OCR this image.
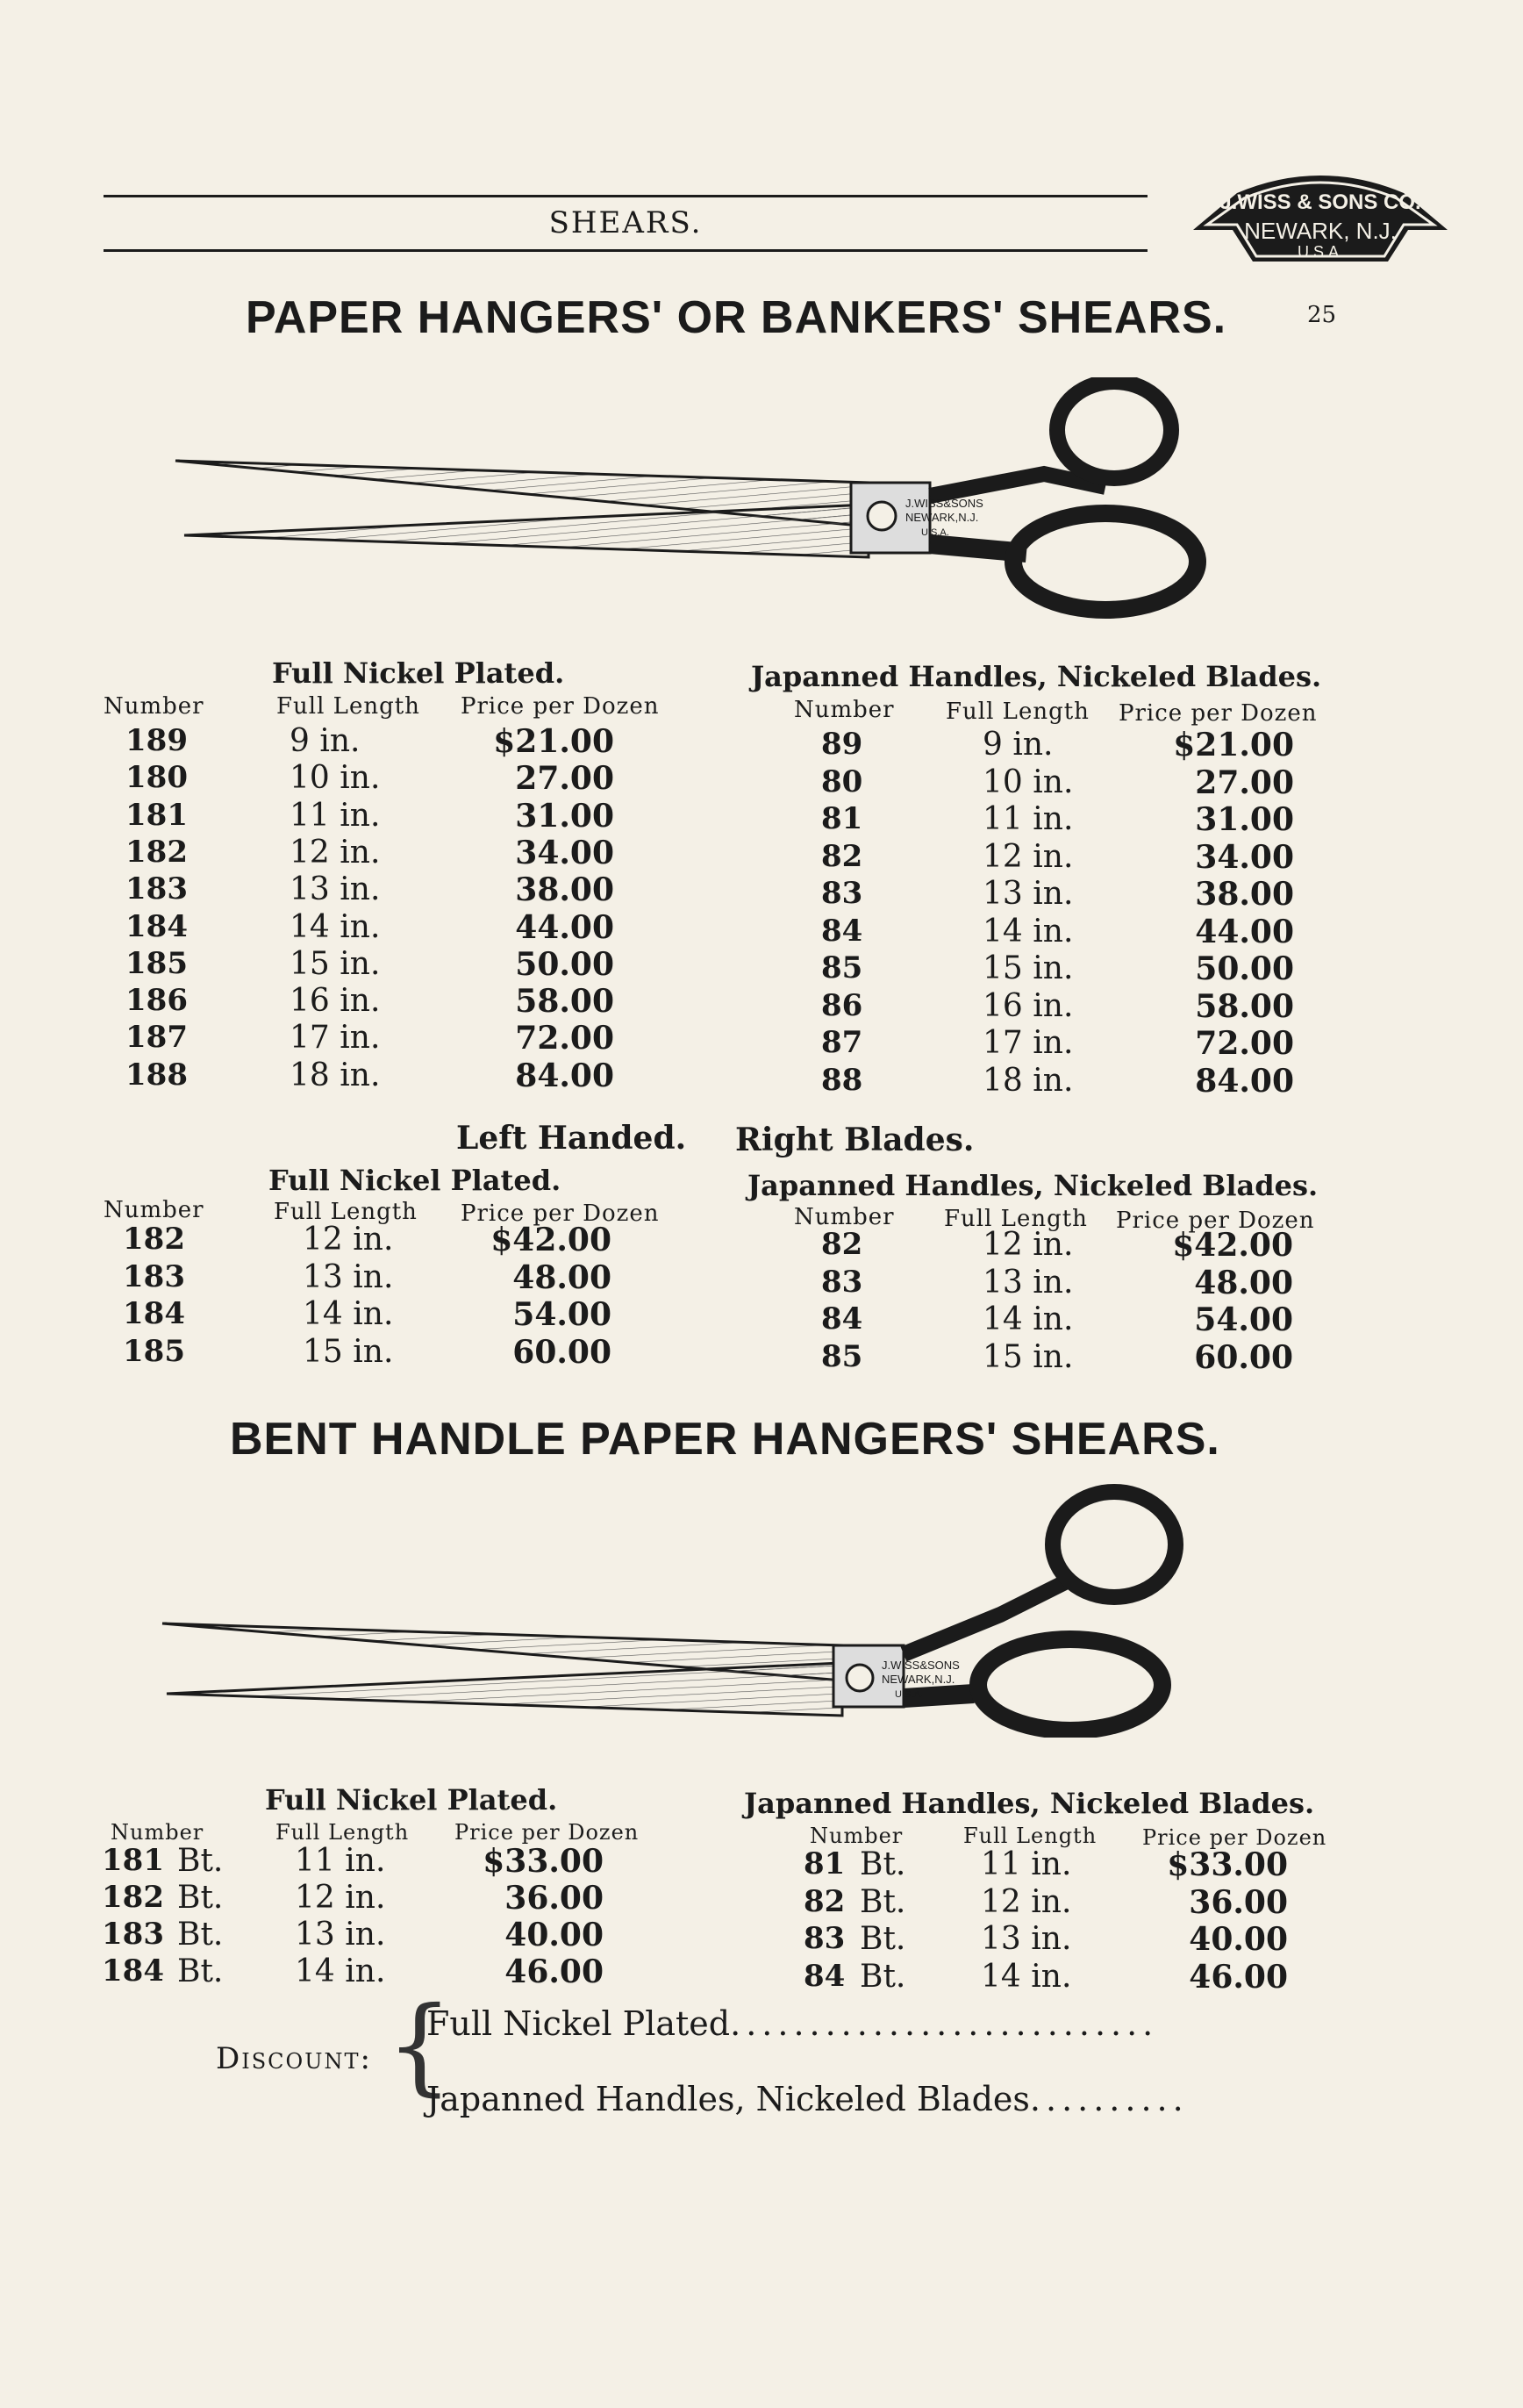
SHEARS.
J.WISS & SONS CO.
NEWARK, N.J.
U.S.A.
25
PAPER HANGERS' OR BANKERS' SHEARS.
J.WISS&SONS
NEWARK,N.J.
U.S.A.
Full Nickel Plated.
Number	Full Length Price per Dozen
189	9 in.	$21.00
180	10 in.	27.00
181	11 in.	31.00
182	12 in.	34.00
183	13 in.	38.00
184	14 in.	44.00
185	15 in.	50.00
186	16 in.	58.00
187	17 in.	72.00
188	18 in.	84.00
Japanned Handles, Nickeled Blades.
Number Full Length Price per Dozen
89	9 in.	$21.00
80	10 in.	27.00
81	11 in.	31.00
82	12 in.	34.00
83	13 in.	38.00
84	14 in.	44.00
85	15 in.	50.00
86	16 in.	58.00
87	17 in.	72.00
88	18 in.	84.00
Left Handed. Right Blades.
Full Nickel Plated.
Number	Full Length Price per Dozen
182	12 in.	$42.00
183	13 in.	48.00
184	14 in.	54.00
185	15 in.	60.00
Japanned Handles, Nickeled Blades.
Number Full Length Price per Dozen
82	12 in.	$42.00
83	13 in.	48.00
84	14 in.	54.00
85	15 in.	60.00
BENT HANDLE PAPER HANGERS' SHEARS.
J.WISS&SONS
NEWARK,N.J.
U.S.A.
Full Nickel Plated.
Number	Full Length Price per Dozen
181 Bt. 11 in.	$33.00
182 Bt. 12 in.	36.00
183 Bt. 13 in.	40.00
184 Bt. 14 in.	46.00
Japanned Handles, Nickeled Blades.
Number	Full Length Price per Dozen
81 Bt. 11 in.	$33.00
82 Bt. 12 in.	36.00
83 Bt. 13 in.	40.00
84 Bt. 14 in.	46.00
Discount: {
Full Nickel Plated...........................
Japanned Handles, Nickeled Blades..........
